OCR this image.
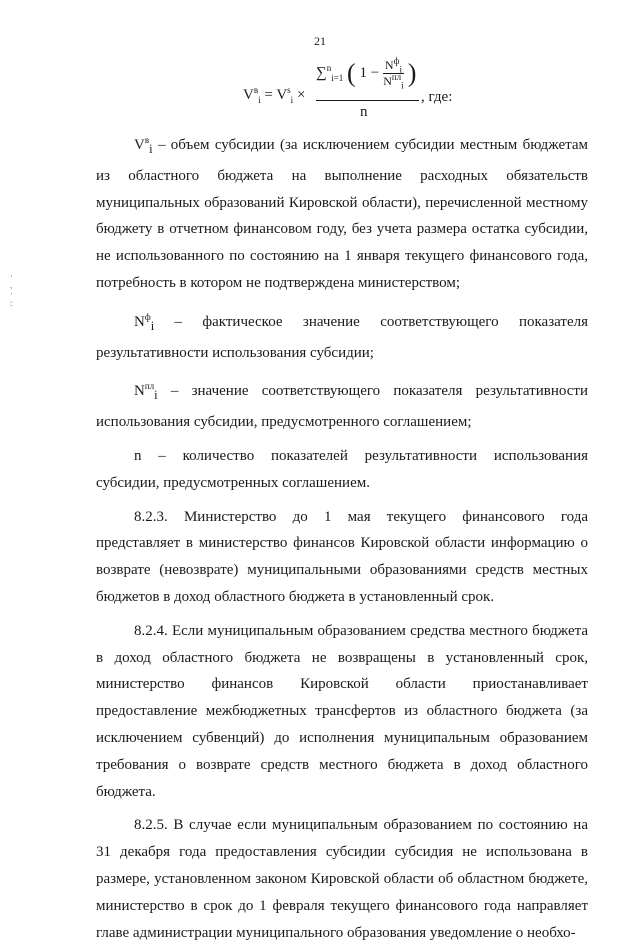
21
$V^в_i = V^s_i$ ×
∑$^n_{i=1}$ ( $1 - \frac{N^ф_i}{N^{пл}_i}$ )
n
, где:
·
,
·
:

$V^в_i$ – объем субсидии (за исключением субсидии местным бюджетам из областного бюджета на выполнение расходных обязательств муниципальных образований Кировской области), перечисленной местному бюджету в отчетном финансовом году, без учета размера остатка субсидии, не использованного по состоянию на 1 января текущего финансового года, потребность в котором не подтверждена министерством;

$N^ф_i$ – фактическое значение соответствующего показателя результативности использования субсидии;

$N^{пл}_i$ – значение соответствующего показателя результативности использования субсидии, предусмотренного соглашением;

n – количество показателей результативности использования субсидии, предусмотренных соглашением.

8.2.3. Министерство до 1 мая текущего финансового года представляет в министерство финансов Кировской области информацию о возврате (невозврате) муниципальными образованиями средств местных бюджетов в доход областного бюджета в установленный срок.

8.2.4. Если муниципальным образованием средства местного бюджета в доход областного бюджета не возвращены в установленный срок, министерство финансов Кировской области приостанавливает предоставление межбюджетных трансфертов из областного бюджета (за исключением субвенций) до исполнения муниципальным образованием требования о возврате средств местного бюджета в доход областного бюджета.

8.2.5. В случае если муниципальным образованием по состоянию на 31 декабря года предоставления субсидии субсидия не использована в размере, установленном законом Кировской области об областном бюджете, министерство в срок до 1 февраля текущего финансового года направляет главе администрации муниципального образования уведомление о необхо-
